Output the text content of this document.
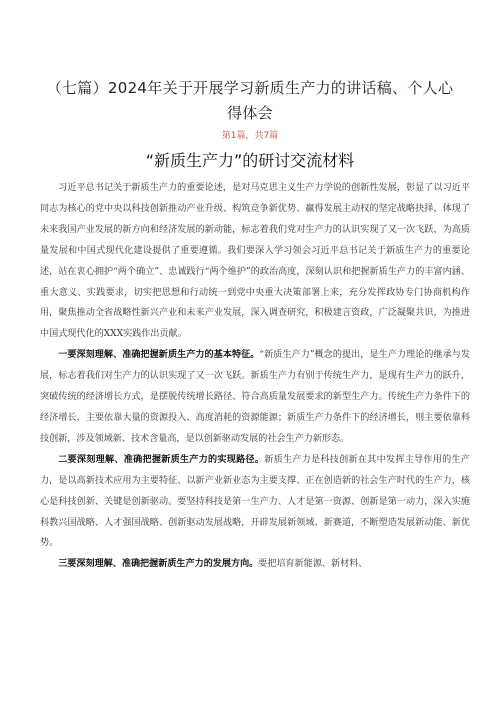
（七篇）2024年关于开展学习新质生产力的讲话稿、个人心得体会
第1篇，共7篇
“新质生产力”的研讨交流材料

习近平总书记关于新质生产力的重要论述，是对马克思主义生产力学说的创新性发展，彰显了以习近平同志为核心的党中央以科技创新推动产业升级、构筑竞争新优势、赢得发展主动权的坚定战略抉择，体现了未来我国产业发展的新方向和经济发展的新动能，标志着我们党对生产力的认识实现了又一次飞跃，为高质量发展和中国式现代化建设提供了重要遵循。我们要深入学习领会习近平总书记关于新质生产力的重要论述，站在衷心拥护“两个确立”、忠诚践行“两个维护”的政治高度，深刻认识和把握新质生产力的丰富内涵、重大意义、实践要求，切实把思想和行动统一到党中央重大决策部署上来，充分发挥政协专门协商机构作用，聚焦推动全省战略性新兴产业和未来产业发展，深入调查研究，积极建言资政，广泛凝聚共识，为推进中国式现代化的XXX实践作出贡献。

一要深刻理解、准确把握新质生产力的基本特征。“新质生产力”概念的提出，是生产力理论的继承与发展，标志着我们对生产力的认识实现了又一次飞跃。新质生产力有别于传统生产力，是现有生产力的跃升，突破传统的经济增长方式，是摆脱传统增长路径、符合高质量发展要求的新型生产力。传统生产力条件下的经济增长，主要依靠大量的资源投入、高度消耗的资源能源；新质生产力条件下的经济增长，则主要依靠科技创新，涉及领域新、技术含量高，是以创新驱动发展的社会生产力新形态。

二要深刻理解、准确把握新质生产力的实现路径。新质生产力是科技创新在其中发挥主导作用的生产力，是以高新技术应用为主要特征、以新产业新业态为主要支撑、正在创造新的社会生产时代的生产力，核心是科技创新、关键是创新驱动。要坚持科技是第一生产力、人才是第一资源、创新是第一动力，深入实施科教兴国战略、人才强国战略、创新驱动发展战略，开辟发展新领域、新赛道，不断塑造发展新动能、新优势。

三要深刻理解、准确把握新质生产力的发展方向。要把培育新能源、新材料、
